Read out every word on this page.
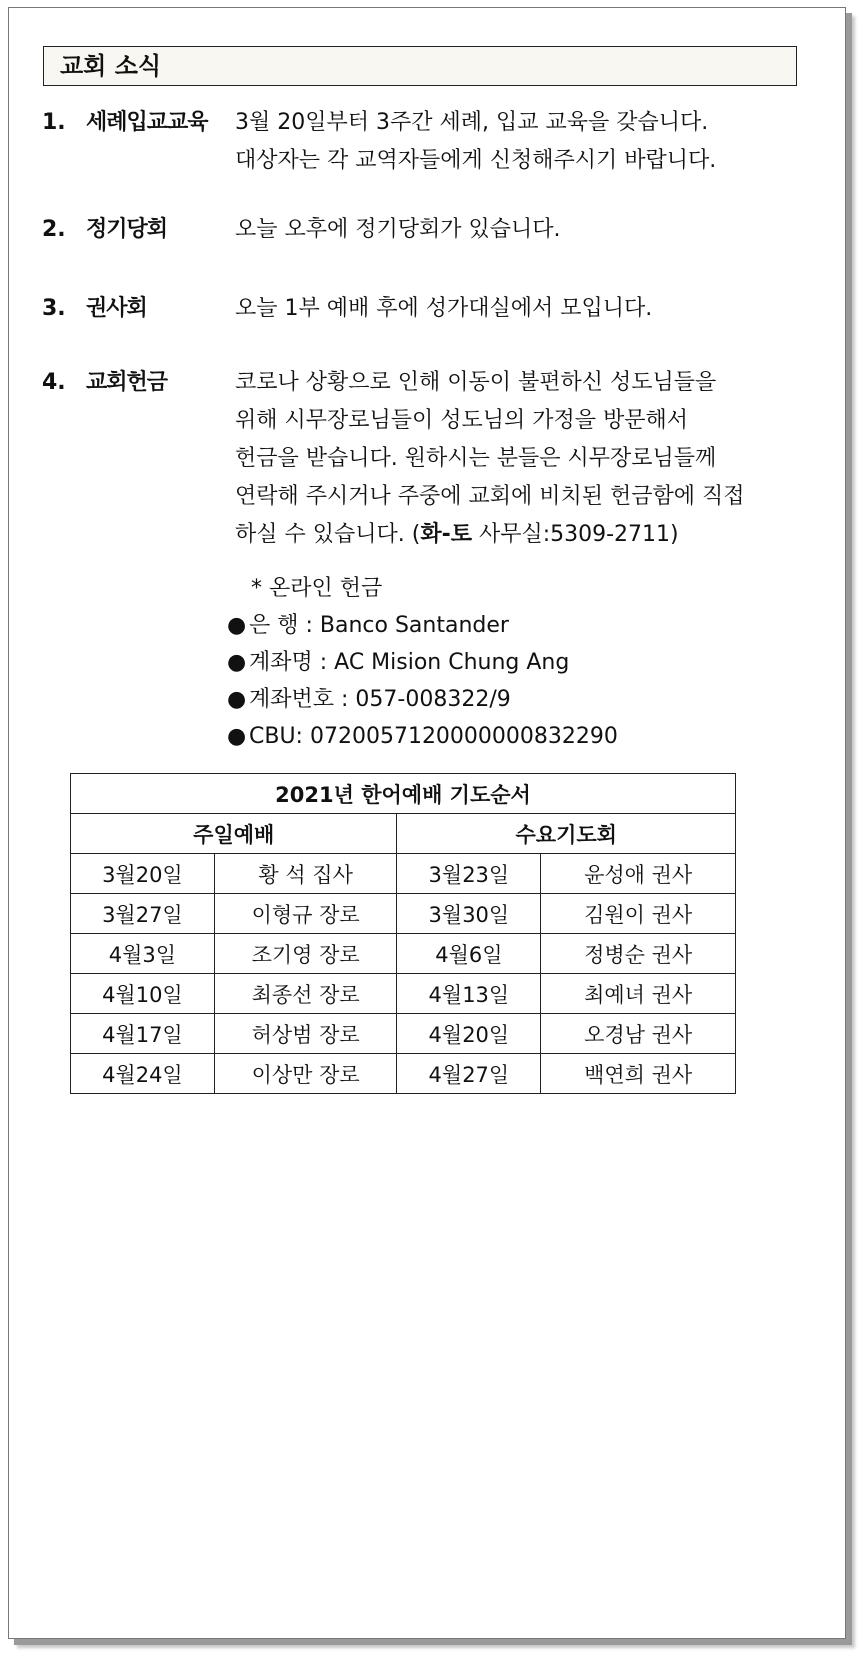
교회 소식
1. 세례입교교육 3월 20일부터 3주간 세례, 입교 교육을 갖습니다.
대상자는 각 교역자들에게 신청해주시기 바랍니다.
2. 정기당회	오늘 오후에 정기당회가 있습니다.
3. 권사회	오늘 1부 예배 후에 성가대실에서 모입니다.
4. 교회헌금	코로나 상황으로 인해 이동이 불편하신 성도님들을
위해 시무장로님들이 성도님의 가정을 방문해서
헌금을 받습니다. 원하시는 분들은 시무장로님들께
연락해 주시거나 주중에 교회에 비치된 헌금함에 직접
하실 수 있습니다. (화-토 사무실:5309-2711)
* 온라인 헌금
● 은 행 : Banco Santander
● 계좌명 : AC Mision Chung Ang
● 계좌번호 : 057-008322/9
● CBU: 0720057120000000832290
2021년 한어예배 기도순서			
주일예배		수요기도회	
3월20일	황 석 집사	3월23일	윤성애 권사
3월27일	이형규 장로	3월30일	김원이 권사
4월3일	조기영 장로	4월6일	정병순 권사
4월10일	최종선 장로	4월13일	최예녀 권사
4월17일	허상범 장로	4월20일	오경남 권사
4월24일	이상만 장로	4월27일	백연희 권사
